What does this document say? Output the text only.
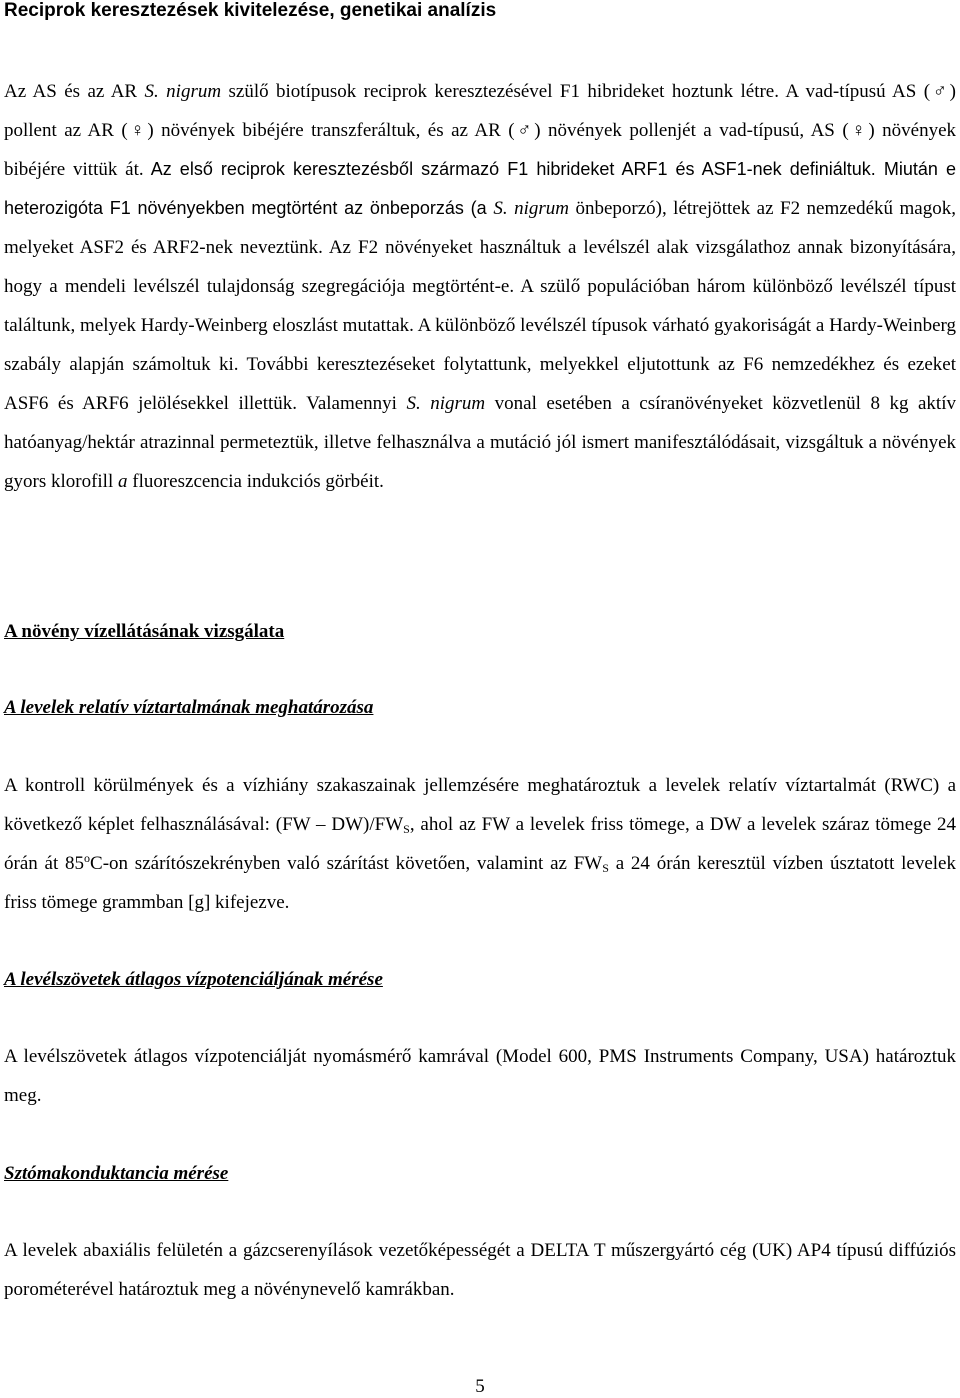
Reciprok keresztezések kivitelezése, genetikai analízis

Az AS és az AR S. nigrum szülő biotípusok reciprok keresztezésével F1 hibrideket hoztunk létre. A vad-típusú AS (♂) pollent az AR (♀) növények bibéjére transzferáltuk, és az AR (♂) növények pollenjét a vad-típusú, AS (♀) növények bibéjére vittük át. Az első reciprok keresztezésből származó F1 hibrideket ARF1 és ASF1-nek definiáltuk. Miután e heterozigóta F1 növényekben megtörtént az önbeporzás (a S. nigrum önbeporzó), létrejöttek az F2 nemzedékű magok, melyeket ASF2 és ARF2-nek neveztünk. Az F2 növényeket használtuk a levélszél alak vizsgálathoz annak bizonyítására, hogy a mendeli levélszél tulajdonság szegregációja megtörtént-e. A szülő populációban három különböző levélszél típust találtunk, melyek Hardy-Weinberg eloszlást mutattak. A különböző levélszél típusok várható gyakoriságát a Hardy-Weinberg szabály alapján számoltuk ki. További keresztezéseket folytattunk, melyekkel eljutottunk az F6 nemzedékhez és ezeket ASF6 és ARF6 jelölésekkel illettük. Valamennyi S. nigrum vonal esetében a csíranövényeket közvetlenül 8 kg aktív hatóanyag/hektár atrazinnal permeteztük, illetve felhasználva a mutáció jól ismert manifesztálódásait, vizsgáltuk a növények gyors klorofill a fluoreszcencia indukciós görbéit.

A növény vízellátásának vizsgálata
A levelek relatív víztartalmának meghatározása

A kontroll körülmények és a vízhiány szakaszainak jellemzésére meghatároztuk a levelek relatív víztartalmát (RWC) a következő képlet felhasználásával: $(FW - DW)/FW_S$, ahol az FW a levelek friss tömege, a DW a levelek száraz tömege 24 órán át 85$^o$C-on szárítószekrényben való szárítást követően, valamint az $FW_S$ a 24 órán keresztül vízben úsztatott levelek friss tömege grammban [g] kifejezve.

A levélszövetek átlagos vízpotenciáljának mérése

A levélszövetek átlagos vízpotenciálját nyomásmérő kamrával (Model 600, PMS Instruments Company, USA) határoztuk meg.

Sztómakonduktancia mérése

A levelek abaxiális felületén a gázcserenyílások vezetőképességét a DELTA T műszergyártó cég (UK) AP4 típusú diffúziós porométerével határoztuk meg a növénynevelő kamrákban.

5
